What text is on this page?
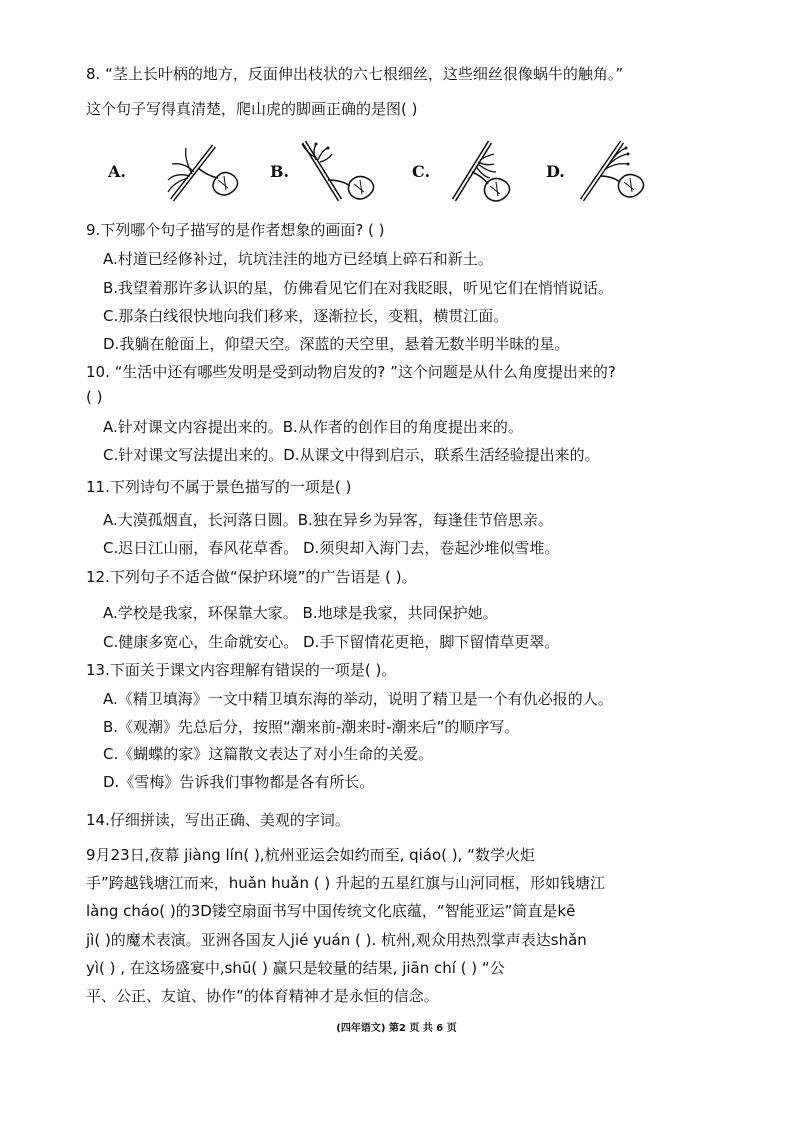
8. “茎上长叶柄的地方，反面伸出枝状的六七根细丝，这些细丝很像蜗牛的触角。”
这个句子写得真清楚，爬山虎的脚画正确的是图( )
A.	B.	C.	D.
9.下列哪个句子描写的是作者想象的画面? ( )
A.村道已经修补过，坑坑洼洼的地方已经填上碎石和新土。
B.我望着那许多认识的星，仿佛看见它们在对我眨眼，听见它们在悄悄说话。
C.那条白线很快地向我们移来，逐渐拉长，变粗，横贯江面。
D.我躺在舱面上，仰望天空。深蓝的天空里，悬着无数半明半昧的星。
10. “生活中还有哪些发明是受到动物启发的? ”这个问题是从什么角度提出来的?
( )
A.针对课文内容提出来的。B.从作者的创作目的角度提出来的。
C.针对课文写法提出来的。D.从课文中得到启示，联系生活经验提出来的。
11.下列诗句不属于景色描写的一项是( )
A.大漠孤烟直，长河落日圆。B.独在异乡为异客，每逢佳节倍思亲。
C.迟日江山丽，春风花草香。 D.须臾却入海门去，卷起沙堆似雪堆。
12.下列句子不适合做“保护环境”的广告语是 ( )。
A.学校是我家，环保靠大家。 B.地球是我家，共同保护她。
C.健康多宽心，生命就安心。 D.手下留情花更艳，脚下留情草更翠。
13.下面关于课文内容理解有错误的一项是( )。
A.《精卫填海》一文中精卫填东海的举动，说明了精卫是一个有仇必报的人。
B.《观潮》先总后分，按照“潮来前-潮来时-潮来后”的顺序写。
C.《蝴蝶的家》这篇散文表达了对小生命的关爱。
D.《雪梅》告诉我们事物都是各有所长。
14.仔细拼读，写出正确、美观的字词。
9月23日,夜幕 jiàng lín( ),杭州亚运会如约而至, qiáo( ), “数学火炬
手”跨越钱塘江而来，huǎn huǎn ( ) 升起的五星红旗与山河同框，形如钱塘江
làng cháo( )的3D镂空扇面书写中国传统文化底蕴，“智能亚运”简直是kē
jì( )的魔术表演。亚洲各国友人jié yuán ( ). 杭州,观众用热烈掌声表达shǎn
yì( ) , 在这场盛宴中,shū( ) 赢只是较量的结果, jiān chí ( ) “公
平、公正、友谊、协作”的体育精神才是永恒的信念。
(四年语文) 第2 页 共 6 页
